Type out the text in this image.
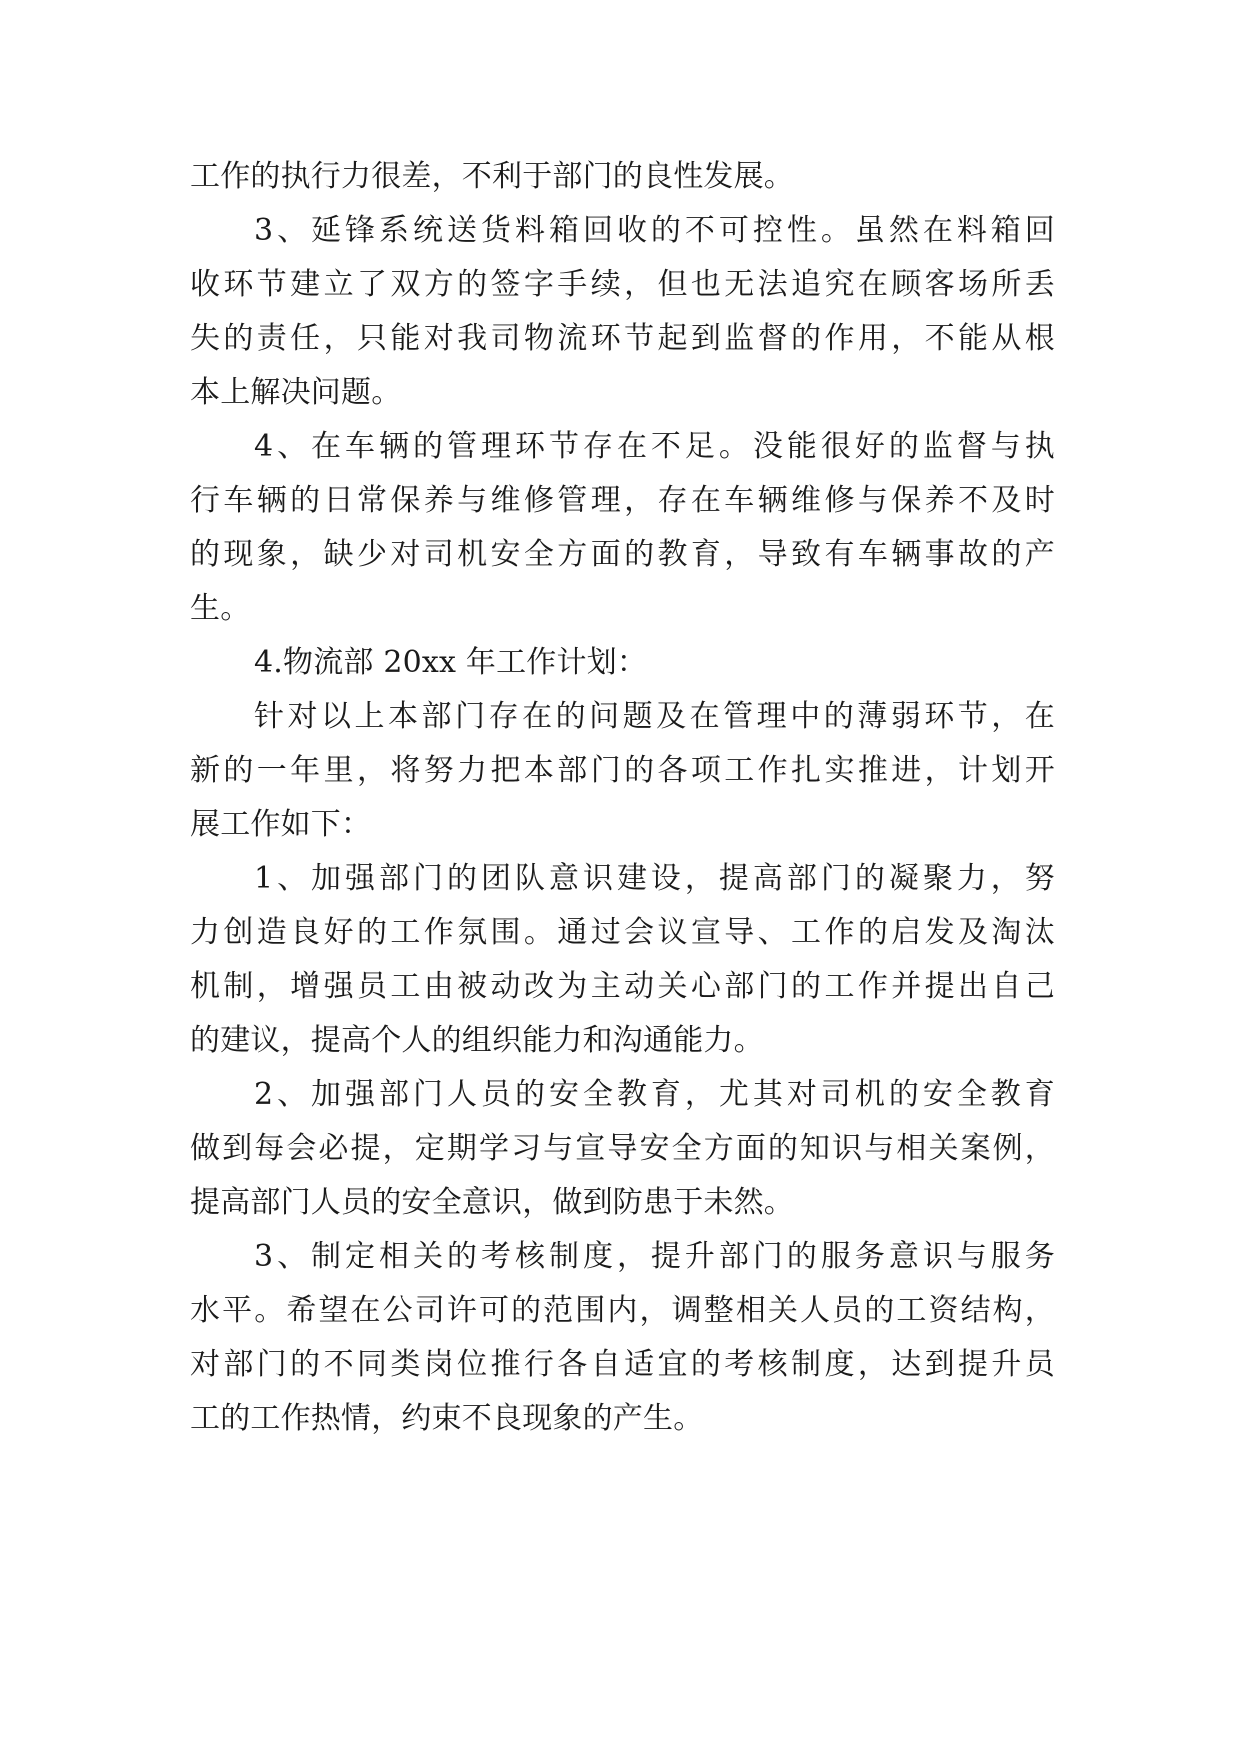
工作的执行力很差，不利于部门的良性发展。
3、延锋系统送货料箱回收的不可控性。虽然在料箱回
收环节建立了双方的签字手续，但也无法追究在顾客场所丢
失的责任，只能对我司物流环节起到监督的作用，不能从根
本上解决问题。
4、在车辆的管理环节存在不足。没能很好的监督与执
行车辆的日常保养与维修管理，存在车辆维修与保养不及时
的现象，缺少对司机安全方面的教育，导致有车辆事故的产
生。
4.物流部 20xx 年工作计划：
针对以上本部门存在的问题及在管理中的薄弱环节，在
新的一年里，将努力把本部门的各项工作扎实推进，计划开
展工作如下：
1、加强部门的团队意识建设，提高部门的凝聚力，努
力创造良好的工作氛围。通过会议宣导、工作的启发及淘汰
机制，增强员工由被动改为主动关心部门的工作并提出自己
的建议，提高个人的组织能力和沟通能力。
2、加强部门人员的安全教育，尤其对司机的安全教育
做到每会必提，定期学习与宣导安全方面的知识与相关案例，
提高部门人员的安全意识，做到防患于未然。
3、制定相关的考核制度，提升部门的服务意识与服务
水平。希望在公司许可的范围内，调整相关人员的工资结构，
对部门的不同类岗位推行各自适宜的考核制度，达到提升员
工的工作热情，约束不良现象的产生。
